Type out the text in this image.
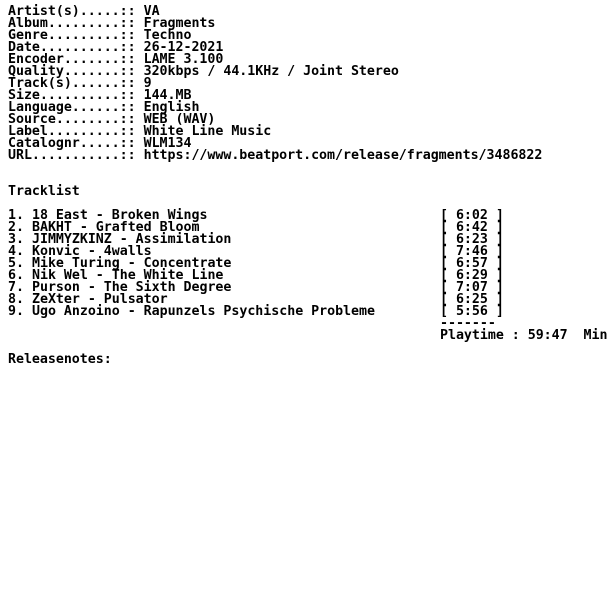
Artist(s).....: : VA
Album.........: : Fragments
Genre.........: : Techno
Date..........: : 26-12-2021
Encoder.......: : LAME 3.100
Quality.......: : 320kbps / 44.1KHz / Joint Stereo
Track(s)......: : 9
Size..........: : 144.MB
Language......: : English
Source........: : WEB (WAV)
Label.........: : White Line Music
Catalognr.....: : WLM134
URL...........: : https://www.beatport.com/release/fragments/3486822
Tracklist
1. 18 East - Broken Wings	[ 6:02 ]
2. BAKHT - Grafted Bloom	[ 6:42 ]
3. JIMMYZKINZ - Assimilation	[ 6:23 ]
4. Konvic - 4walls	[ 7:46 ]
5. Mike Turing - Concentrate	[ 6:57 ]
6. Nik Wel - The White Line	[ 6:29 ]
7. Purson - The Sixth Degree	[ 7:07 ]
8. ZeXter - Pulsator	[ 6:25 ]
9. Ugo Anzoino - Rapunzels Psychische Probleme	[ 5:56 ]
-------
Playtime : 59:47  Min
Releasenotes:
